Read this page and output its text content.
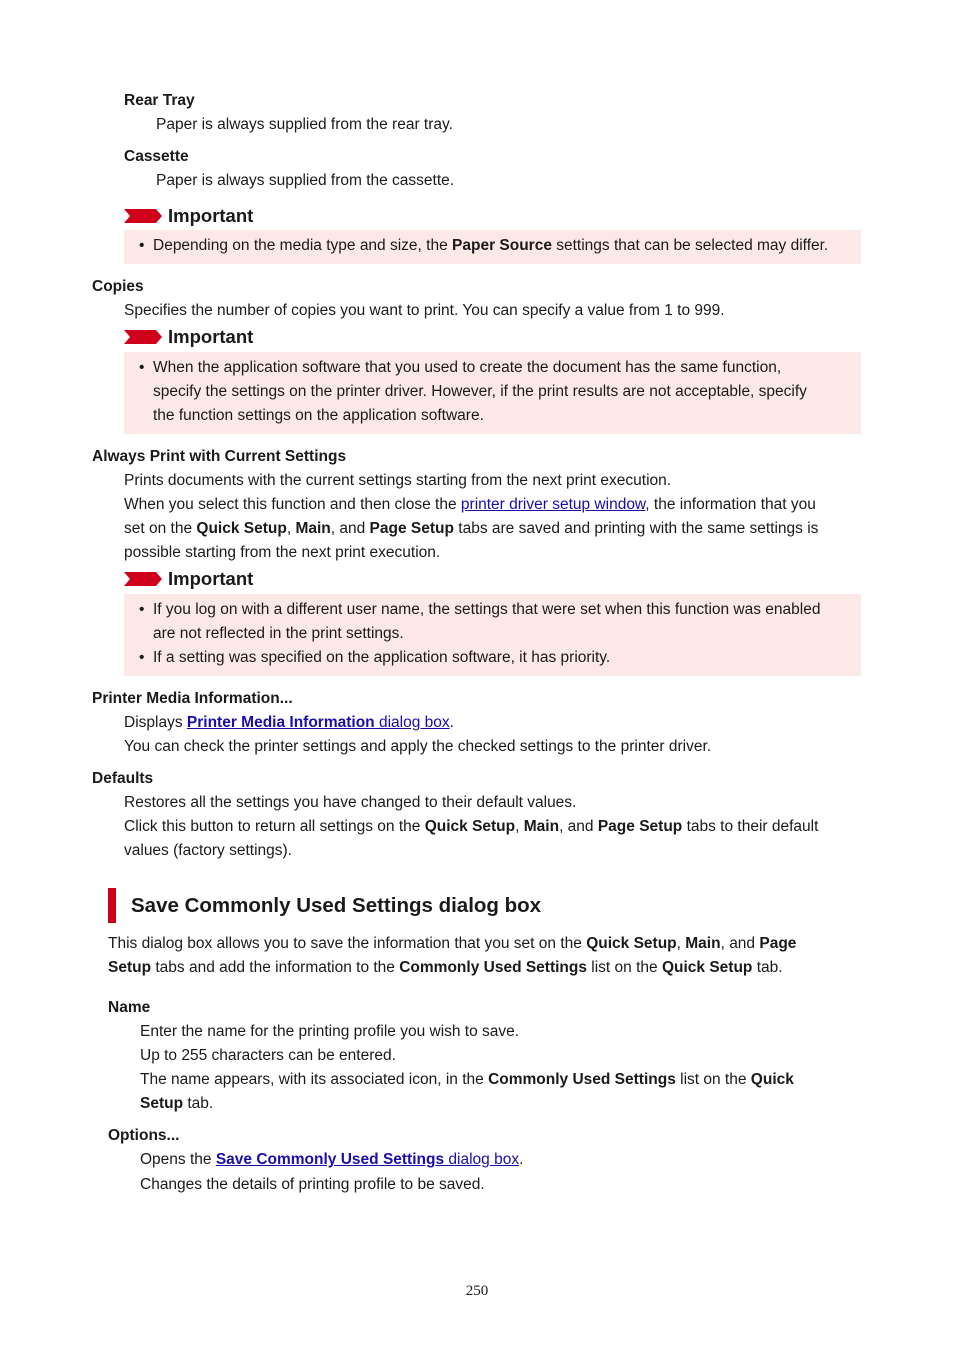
Rear Tray
Paper is always supplied from the rear tray.
Cassette
Paper is always supplied from the cassette.
Important
• Depending on the media type and size, the Paper Source settings that can be selected may differ.
Copies
Specifies the number of copies you want to print. You can specify a value from 1 to 999.
Important
• When the application software that you used to create the document has the same function,
specify the settings on the printer driver. However, if the print results are not acceptable, specify
the function settings on the application software.
Always Print with Current Settings
Prints documents with the current settings starting from the next print execution.
When you select this function and then close the printer driver setup window, the information that you
set on the Quick Setup, Main, and Page Setup tabs are saved and printing with the same settings is
possible starting from the next print execution.
Important
• If you log on with a different user name, the settings that were set when this function was enabled
are not reflected in the print settings.
• If a setting was specified on the application software, it has priority.
Printer Media Information...
Displays Printer Media Information dialog box.
You can check the printer settings and apply the checked settings to the printer driver.
Defaults
Restores all the settings you have changed to their default values.
Click this button to return all settings on the Quick Setup, Main, and Page Setup tabs to their default
values (factory settings).
Save Commonly Used Settings dialog box
This dialog box allows you to save the information that you set on the Quick Setup, Main, and Page
Setup tabs and add the information to the Commonly Used Settings list on the Quick Setup tab.
Name
Enter the name for the printing profile you wish to save.
Up to 255 characters can be entered.
The name appears, with its associated icon, in the Commonly Used Settings list on the Quick
Setup tab.
Options...
Opens the Save Commonly Used Settings dialog box.
Changes the details of printing profile to be saved.
250
